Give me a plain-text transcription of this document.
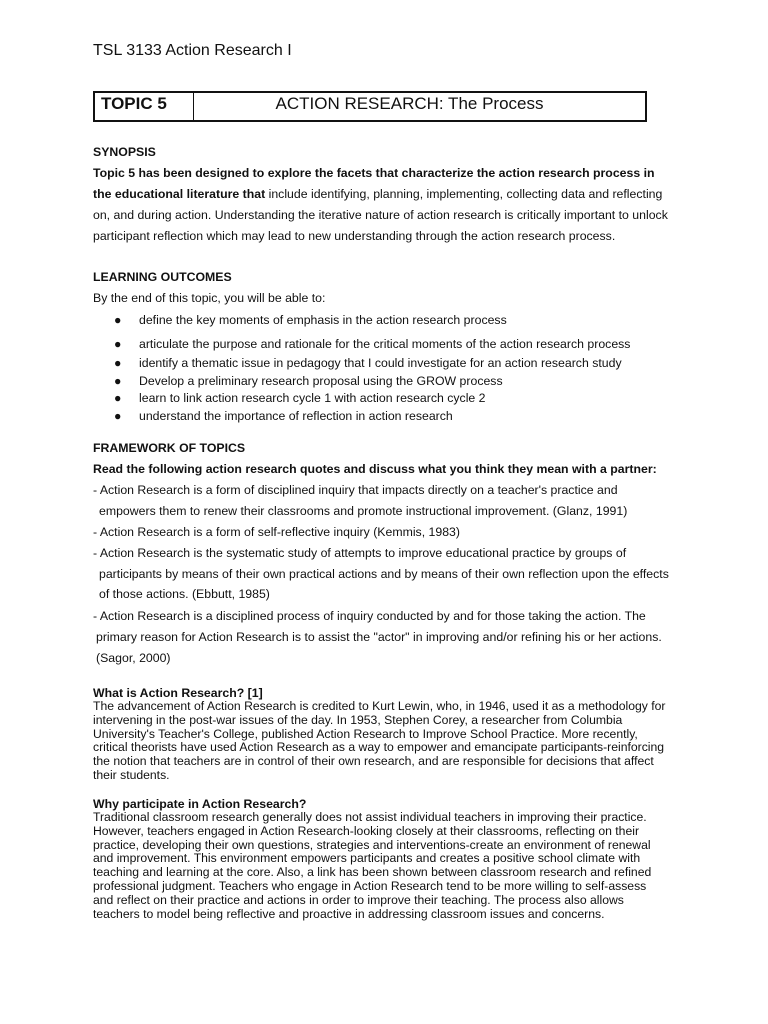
TSL 3133 Action Research I
TOPIC 5	ACTION RESEARCH: The Process
SYNOPSIS
Topic 5 has been designed to explore the facets that characterize the action research process in
the educational literature that include identifying, planning, implementing, collecting data and reflecting
on, and during action. Understanding the iterative nature of action research is critically important to unlock
participant reflection which may lead to new understanding through the action research process.
LEARNING OUTCOMES
By the end of this topic, you will be able to:
● define the key moments of emphasis in the action research process
● articulate the purpose and rationale for the critical moments of the action research process
● identify a thematic issue in pedagogy that I could investigate for an action research study
● Develop a preliminary research proposal using the GROW process
● learn to link action research cycle 1 with action research cycle 2
● understand the importance of reflection in action research
FRAMEWORK OF TOPICS
Read the following action research quotes and discuss what you think they mean with a partner:
- Action Research is a form of disciplined inquiry that impacts directly on a teacher's practice and
empowers them to renew their classrooms and promote instructional improvement. (Glanz, 1991)
- Action Research is a form of self-reflective inquiry (Kemmis, 1983)
- Action Research is the systematic study of attempts to improve educational practice by groups of
participants by means of their own practical actions and by means of their own reflection upon the effects
of those actions. (Ebbutt, 1985)
- Action Research is a disciplined process of inquiry conducted by and for those taking the action. The
primary reason for Action Research is to assist the "actor" in improving and/or refining his or her actions.
(Sagor, 2000)
What is Action Research? [1]
The advancement of Action Research is credited to Kurt Lewin, who, in 1946, used it as a methodology for
intervening in the post-war issues of the day. In 1953, Stephen Corey, a researcher from Columbia
University's Teacher's College, published Action Research to Improve School Practice. More recently,
critical theorists have used Action Research as a way to empower and emancipate participants-reinforcing
the notion that teachers are in control of their own research, and are responsible for decisions that affect
their students.
Why participate in Action Research?
Traditional classroom research generally does not assist individual teachers in improving their practice.
However, teachers engaged in Action Research-looking closely at their classrooms, reflecting on their
practice, developing their own questions, strategies and interventions-create an environment of renewal
and improvement. This environment empowers participants and creates a positive school climate with
teaching and learning at the core. Also, a link has been shown between classroom research and refined
professional judgment. Teachers who engage in Action Research tend to be more willing to self-assess
and reflect on their practice and actions in order to improve their teaching. The process also allows
teachers to model being reflective and proactive in addressing classroom issues and concerns.
